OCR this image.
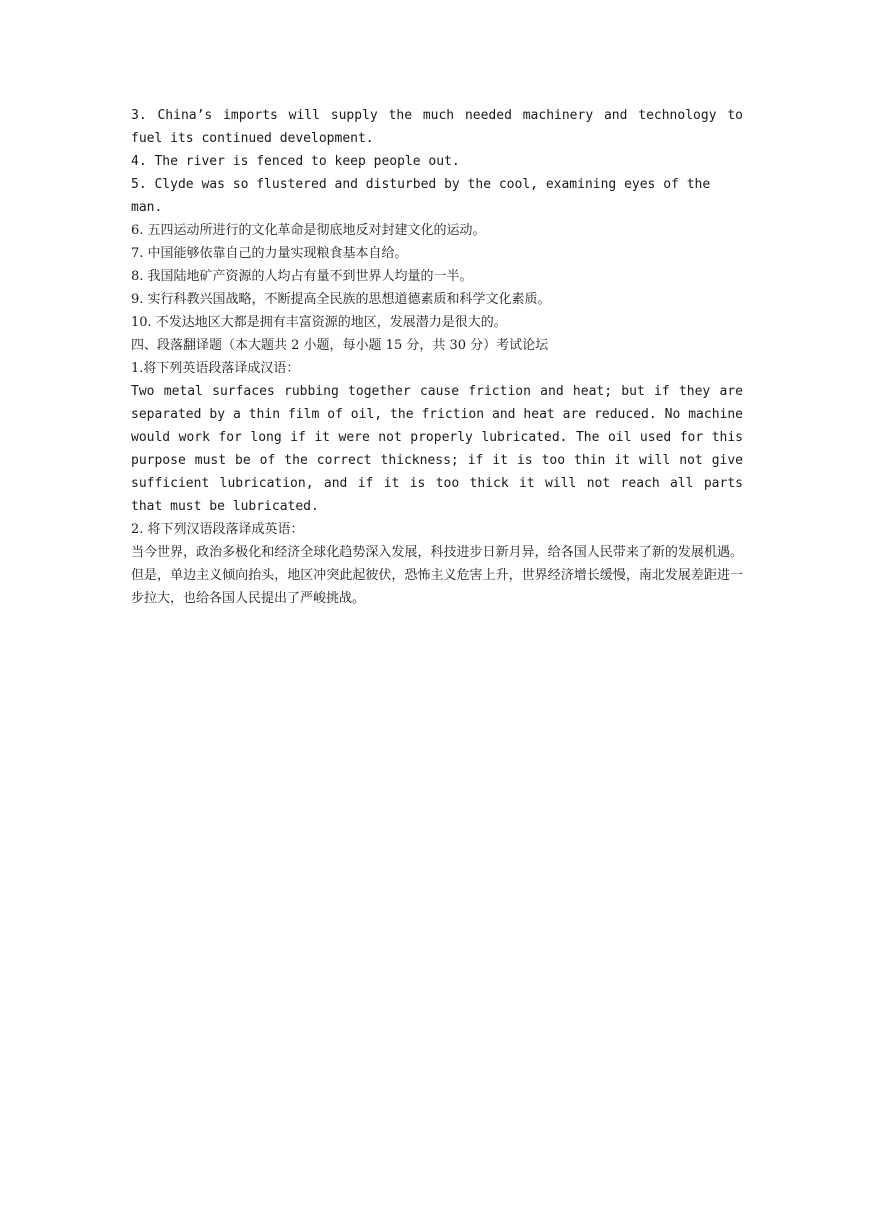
3. China’s imports will supply the much needed machinery and technology to fuel its continued development.

4. The river is fenced to keep people out.

5. Clyde was so flustered and disturbed by the cool, examining eyes of the man.

6. 五四运动所进行的文化革命是彻底地反对封建文化的运动。

7. 中国能够依靠自己的力量实现粮食基本自给。

8. 我国陆地矿产资源的人均占有量不到世界人均量的一半。

9. 实行科教兴国战略，不断提高全民族的思想道德素质和科学文化素质。

10. 不发达地区大都是拥有丰富资源的地区，发展潜力是很大的。

四、段落翻译题（本大题共 2 小题，每小题 15 分，共 30 分）考试论坛

1.将下列英语段落译成汉语：

Two metal surfaces rubbing together cause friction and heat; but if they are separated by a thin film of oil, the friction and heat are reduced. No machine would work for long if it were not properly lubricated. The oil used for this purpose must be of the correct thickness; if it is too thin it will not give sufficient lubrication, and if it is too thick it will not reach all parts that must be lubricated.

2. 将下列汉语段落译成英语：

当今世界，政治多极化和经济全球化趋势深入发展，科技进步日新月异，给各国人民带来了新的发展机遇。但是，单边主义倾向抬头，地区冲突此起彼伏，恐怖主义危害上升，世界经济增长缓慢，南北发展差距进一步拉大，也给各国人民提出了严峻挑战。
